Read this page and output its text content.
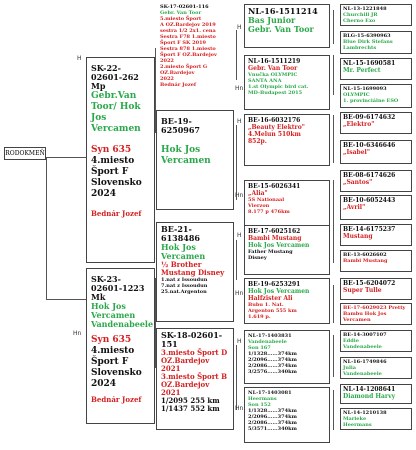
H
Hn
H
Hn
H
Hn
H
Hn
H
Hn
RODOKMEŇ
SK-22-02601-262
Mp
Gebr.Van Toor/ Hok Jos Vercamen
Syn 635
4.miesto Šport F Slovensko 2024
Bednár Jozef
SK-23-02601-1223
Mk
Hok Jos Vercamen Vandenabeele
Syn 635
4.miesto Šport F Slovensko 2024
Bednár Jozef
SK-17-02601-116
Gebr. Van Toor
5.miesto Šport
A OZ.Bardejov 2019
sestra 1/2 2x1. cena
Sestra F78 1.miesto
Šport F SK 2019
Sestra 878 1.miesto
Šport F OZ.Bardejov 2022
2.miesto Šport G
OZ.Bardejov
2022
Bednár Jozef
BE-19-6250967
Hok Jos Vercamen
BE-21-6138486
Hok Jos Vercamen
½ Brother Mustang Disney
1.nat z Issoudun
7.nat z Issoudun
25.nat.Argenton
SK-18-02601-151
3.miesto Šport D OZ.Bardejov 2021
3.miesto Šport B OZ.Bardejov 2021
1/2095 255 km
1/1437 552 km
NL-16-1511214
Bas Junior
Gebr. Van Toor
NL-16-1511219
Gebr. Van Toor
Vnučka OLYMPIC
SANTA ANA
1.st Olympic bird cat.
MD-Budapest 2015
BE-16-6032176
„Beauty Elektro"
4.Melun 510km
852p.
BE-15-6026341
„Alia"
5S Nationaal
Vierzon
8.177 p 476km
BE-17-6025162
Bambi Mustang
Hok Jos Vercamen
Father Mustang
Disney
BE-19-6253291
Hok Jos Vercamen
Halfzister Ali
Bubu 1. Nat.
Argenton 555 km
1.619 p.
NL-17-1403831
Vandenabeele
Son 167
1/1328......374km
2/2096......374km
2/2086......374km
3/2576......340km
NL-17-1403081
Heermans
Son 152
1/1328......374km
2/2096......374km
2/2086......374km
5/3571......340km
NL-13-1221848
Churchill JR
Cherno Exo
BLG-15-6390963
Blue Dirk Stefans
Lambrechts
NL-15-1690581
Mr. Perfect
NL-15-1699093
OLYMPIC
1. provinciálne ESO
BE-09-6174632
„Elektro"
BE-10-6346646
„Isabel"
BE-08-6174626
„Santos"
BE-10-6052443
„Avril"
BE-14-6175237
Mustang
BE-13-6026602
Bambi Mustang
BE-15-6204072
Super Tulle
BE-17-6029023 Pretty
Bambu Hok Jos
Vercamen
BE-14-3007107
Eddie
Vandenabeele
NL-16-1749846
Julia
Vandenabeele
NL-14-1208641
Diamond Harvy
NL-14-1210138
Marieke
Heermans
